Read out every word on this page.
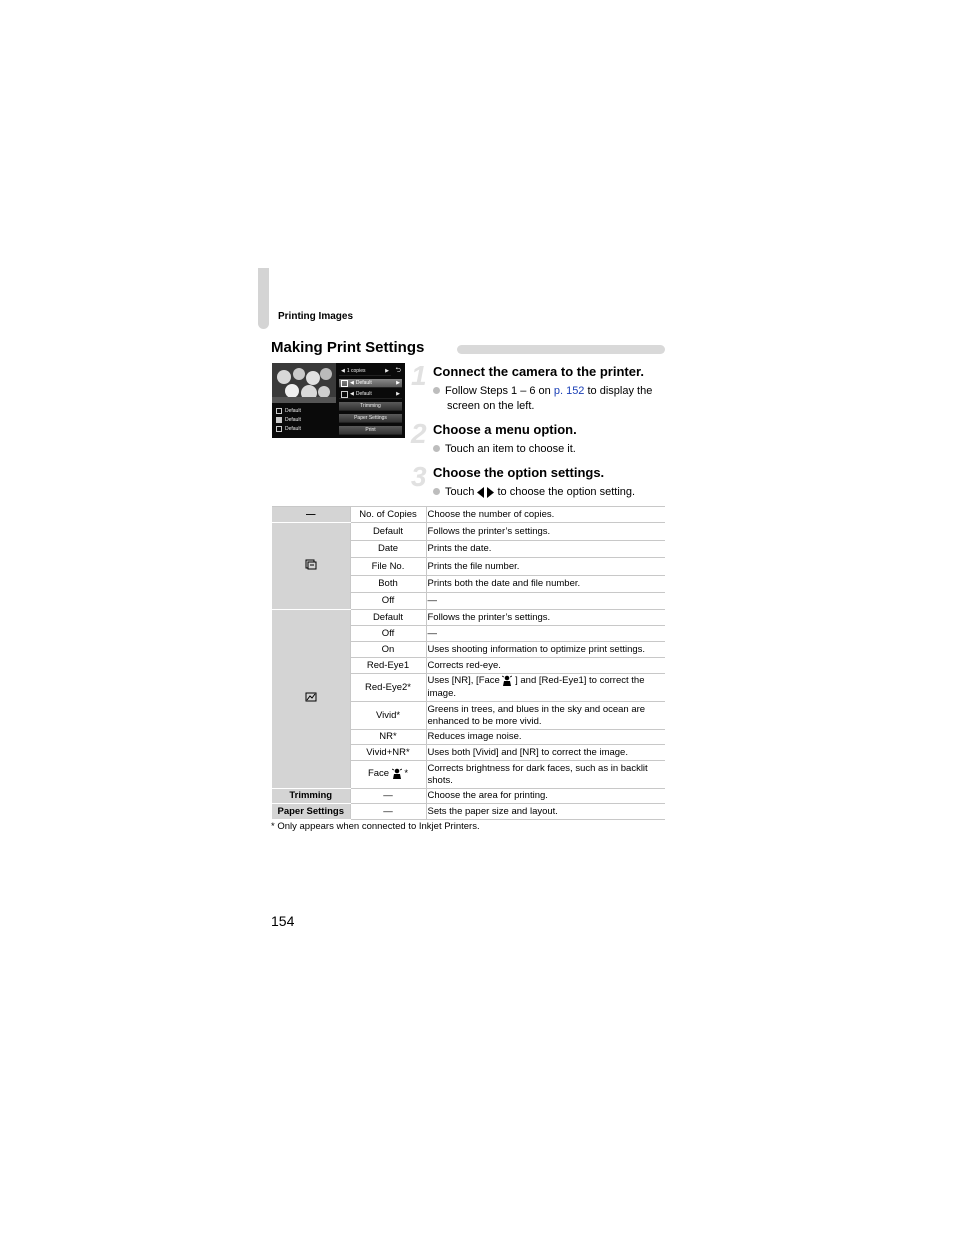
Printing Images
Making Print Settings
Default
Default
Default
◀ 1 copies	▶ ⮌
◀ Default	▶
◀ Default	▶
Trimming
Paper Settings
Print
1 Connect the camera to the printer.
Follow Steps 1 – 6 on p. 152 to display the
screen on the left.
2 Choose a menu option.
Touch an item to choose it.
3 Choose the option settings.
Touch  to choose the option setting.
—	No. of Copies	Choose the number of copies.
	Default	Follows the printer’s settings.
	Date	Prints the date.
	File No.	Prints the file number.
	Both	Prints both the date and file number.
	Off	—
	Default	Follows the printer’s settings.
	Off	—
	On	Uses shooting information to optimize print settings.
	Red-Eye1	Corrects red-eye.
	Red-Eye2*	Uses [NR], [Face  ] and [Red-Eye1] to correct the image.
	Vivid*	Greens in trees, and blues in the sky and ocean are enhanced to be more vivid.
	NR*	Reduces image noise.
	Vivid+NR*	Uses both [Vivid] and [NR] to correct the image.
	Face  *	Corrects brightness for dark faces, such as in backlit shots.
Trimming	—	Choose the area for printing.
Paper Settings	—	Sets the paper size and layout.
* Only appears when connected to Inkjet Printers.
154
